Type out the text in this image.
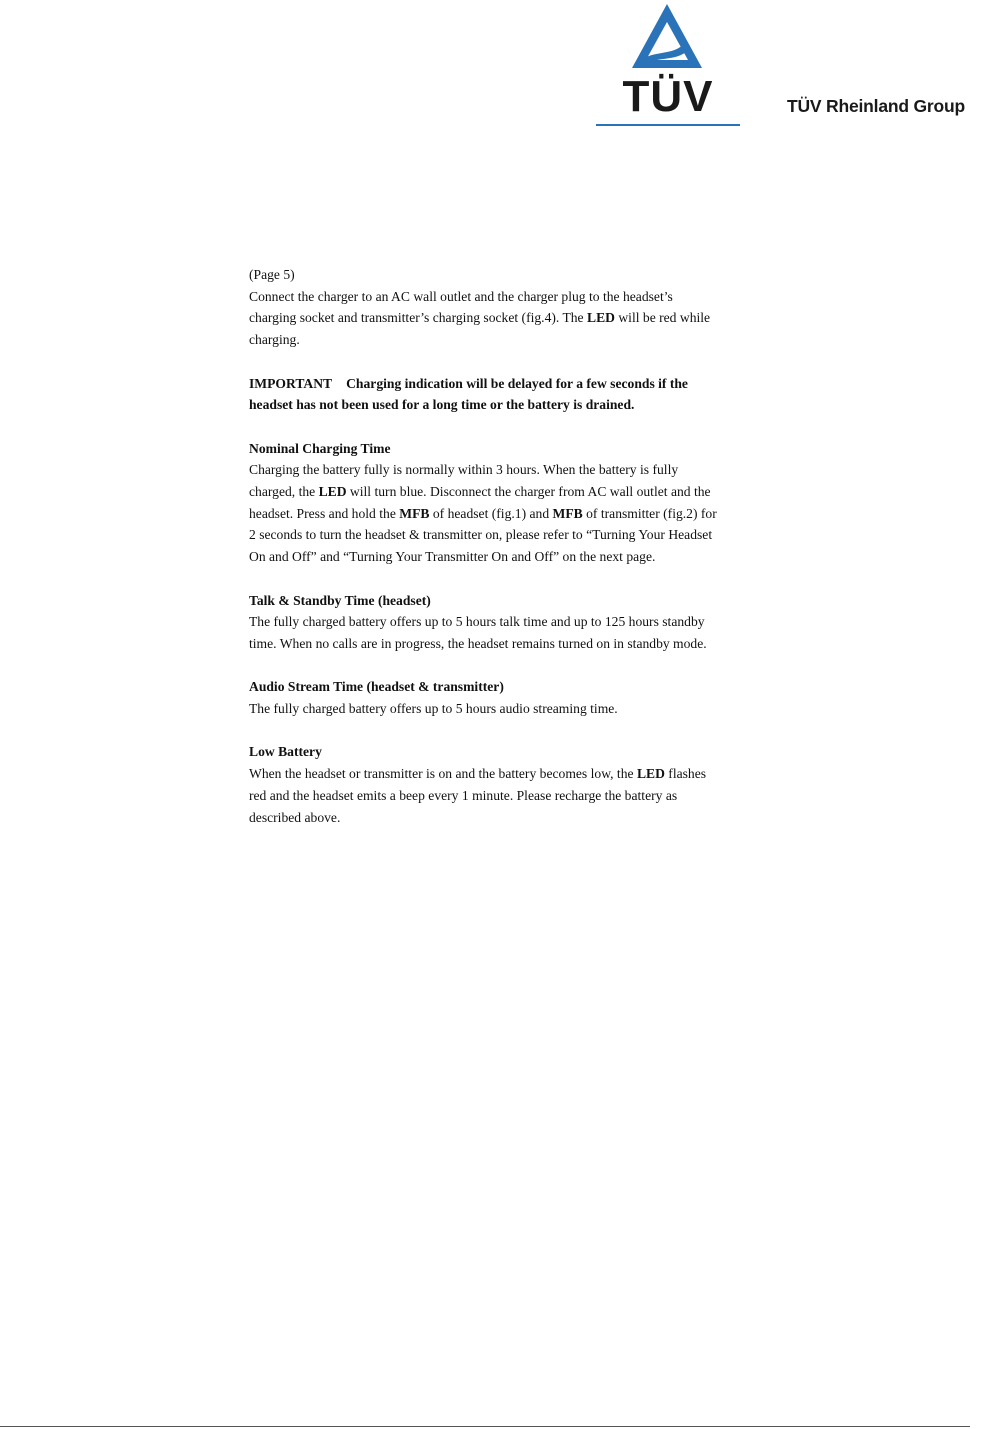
TÜV	TÜV Rheinland Group
(Page 5)
Connect the charger to an AC wall outlet and the charger plug to the headset’s
charging socket and transmitter’s charging socket (fig.4). The LED will be red while
charging.
IMPORTANT Charging indication will be delayed for a few seconds if the
headset has not been used for a long time or the battery is drained.
Nominal Charging Time
Charging the battery fully is normally within 3 hours. When the battery is fully
charged, the LED will turn blue. Disconnect the charger from AC wall outlet and the
headset. Press and hold the MFB of headset (fig.1) and MFB of transmitter (fig.2) for
2 seconds to turn the headset & transmitter on, please refer to “Turning Your Headset
On and Off” and “Turning Your Transmitter On and Off” on the next page.
Talk & Standby Time (headset)
The fully charged battery offers up to 5 hours talk time and up to 125 hours standby
time. When no calls are in progress, the headset remains turned on in standby mode.
Audio Stream Time (headset & transmitter)
The fully charged battery offers up to 5 hours audio streaming time.
Low Battery
When the headset or transmitter is on and the battery becomes low, the LED flashes
red and the headset emits a beep every 1 minute. Please recharge the battery as
described above.
